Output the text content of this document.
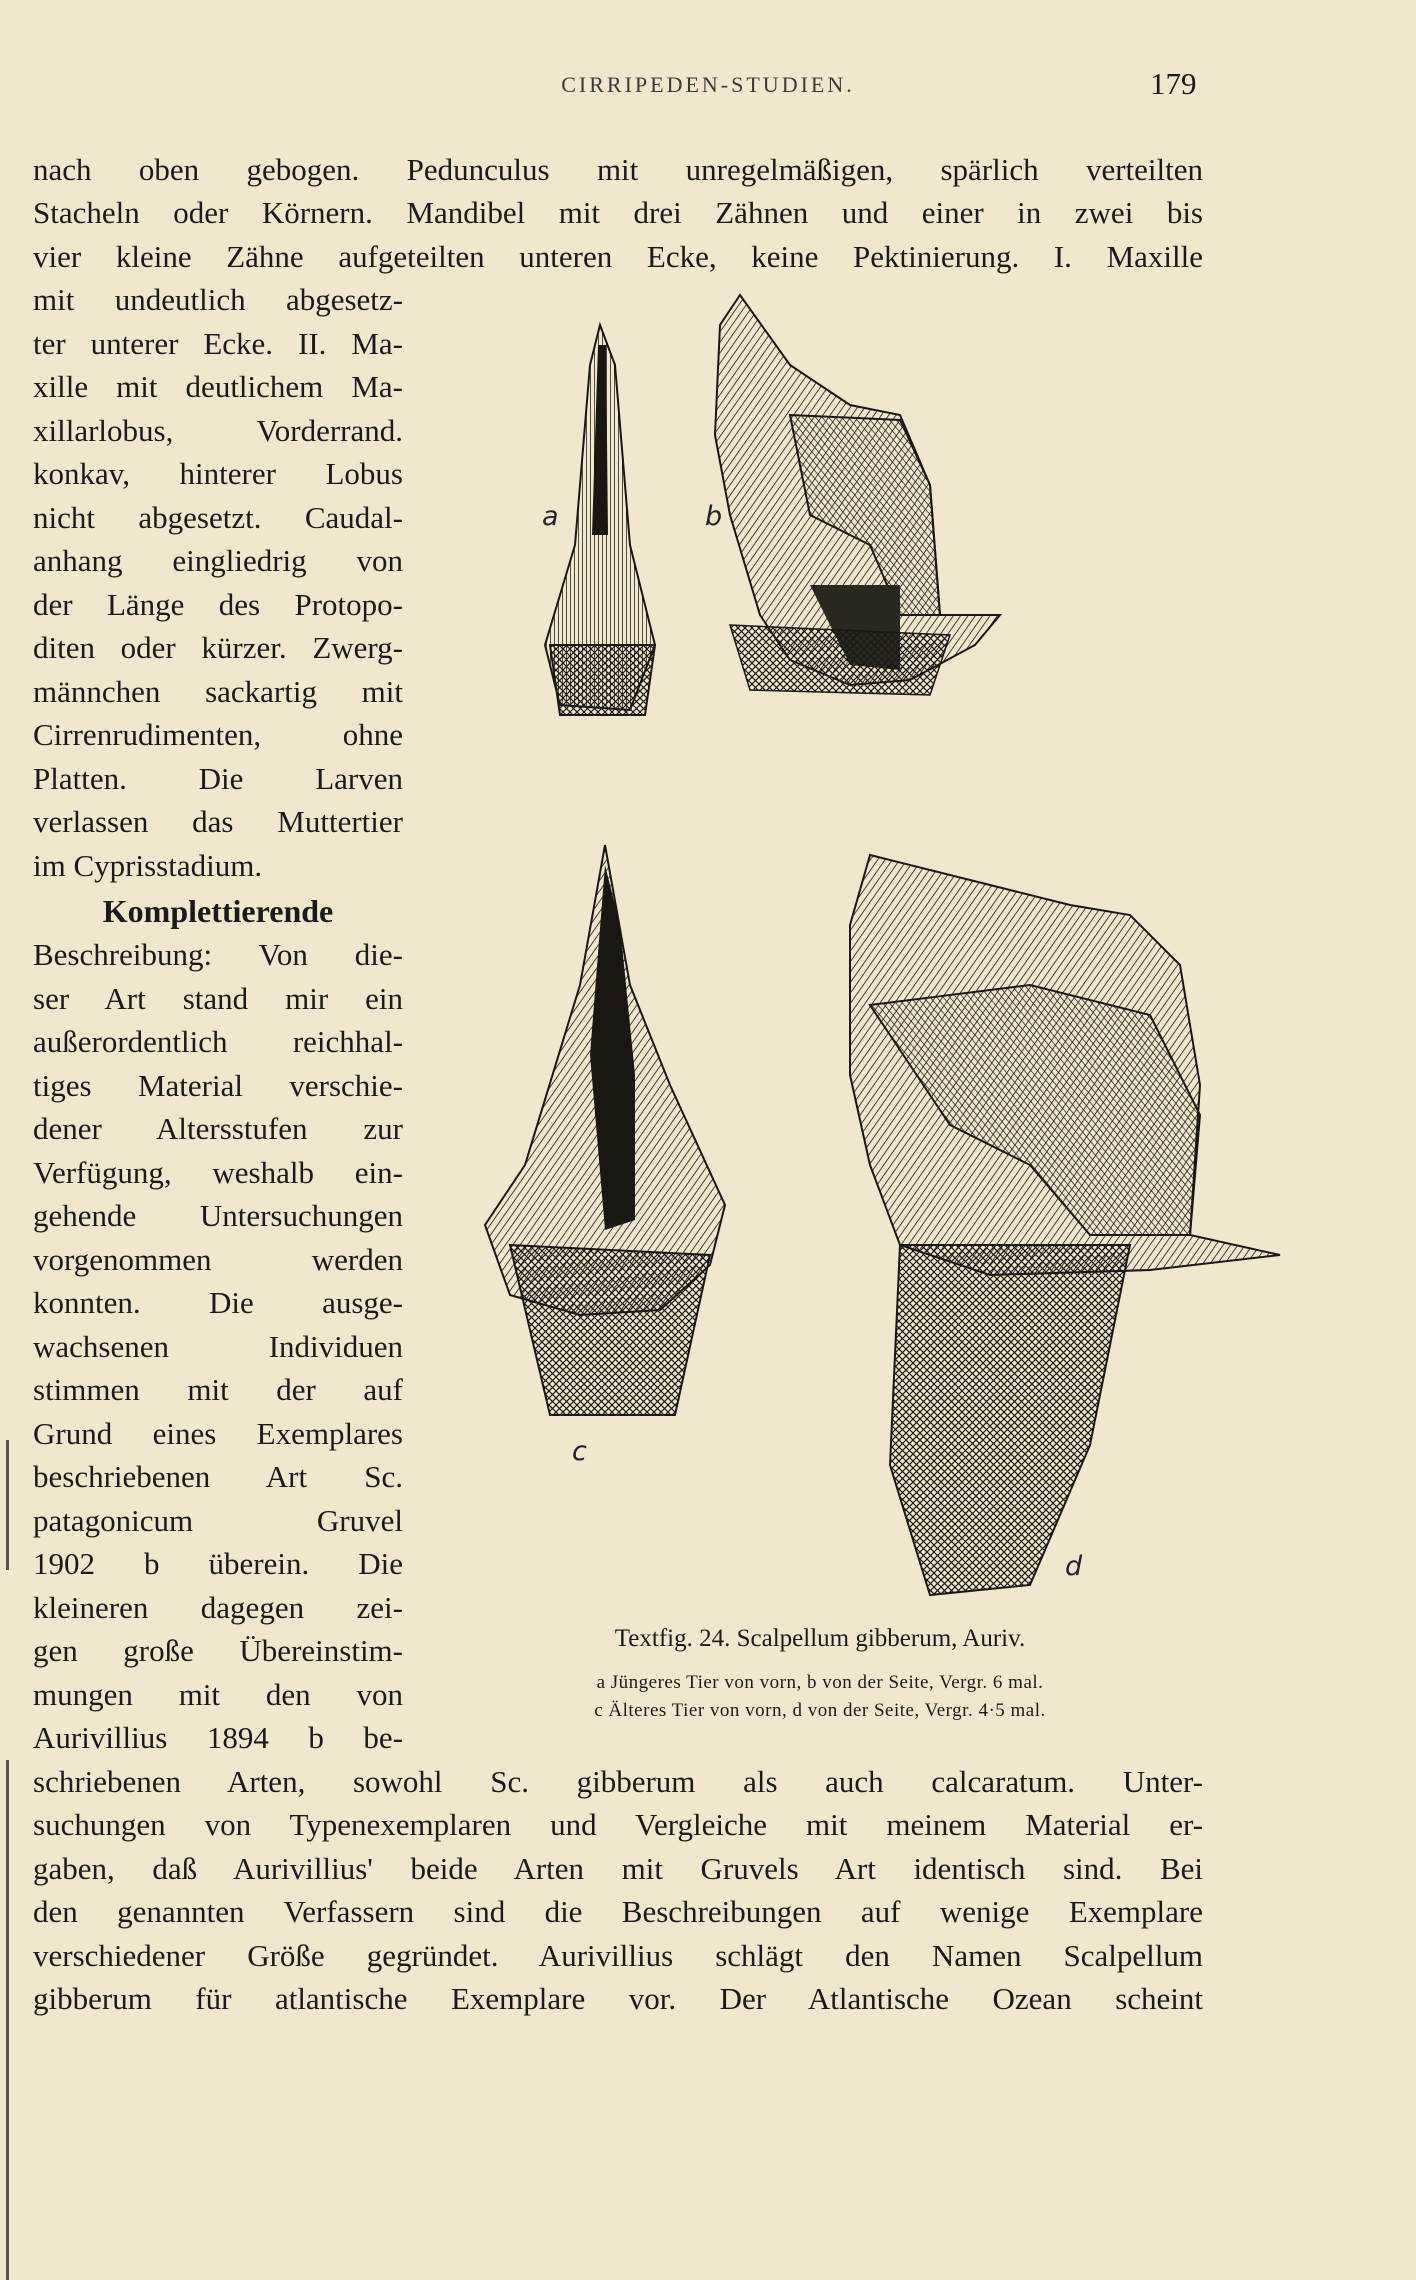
CIRRIPEDEN-STUDIEN.	179
nach oben gebogen. Pedunculus mit unregelmäßigen, spärlich verteilten
Stacheln oder Körnern. Mandibel mit drei Zähnen und einer in zwei bis
vier kleine Zähne aufgeteilten unteren Ecke, keine Pektinierung. I. Maxille
mit undeutlich abgesetz-
ter unterer Ecke. II. Ma-
xille mit deutlichem Ma-
xillarlobus, Vorderrand.
konkav, hinterer Lobus
nicht abgesetzt. Caudal-
anhang eingliedrig von
der Länge des Protopo-
diten oder kürzer. Zwerg-
männchen sackartig mit
Cirrenrudimenten, ohne
Platten. Die Larven
verlassen das Muttertier
im Cyprisstadium.
Komplettierende
Beschreibung: Von die-
ser Art stand mir ein
außerordentlich reichhal-
tiges Material verschie-
dener Altersstufen zur
Verfügung, weshalb ein-
gehende Untersuchungen
vorgenommen werden
konnten. Die ausge-
wachsenen Individuen
stimmen mit der auf
Grund eines Exemplares
beschriebenen Art Sc.
patagonicum Gruvel
1902 b überein. Die
kleineren dagegen zei-
gen große Übereinstim-
mungen mit den von
Aurivillius 1894 b be-
schriebenen Arten, sowohl Sc. gibberum als auch calcaratum. Unter-
suchungen von Typenexemplaren und Vergleiche mit meinem Material er-
gaben, daß Aurivillius' beide Arten mit Gruvels Art identisch sind. Bei
den genannten Verfassern sind die Beschreibungen auf wenige Exemplare
verschiedener Größe gegründet. Aurivillius schlägt den Namen Scalpellum
gibberum für atlantische Exemplare vor. Der Atlantische Ozean scheint
a	b
c
d
Textfig. 24. Scalpellum gibberum, Auriv.
a Jüngeres Tier von vorn, b von der Seite, Vergr. 6 mal.
c Älteres Tier von vorn, d von der Seite, Vergr. 4·5 mal.
